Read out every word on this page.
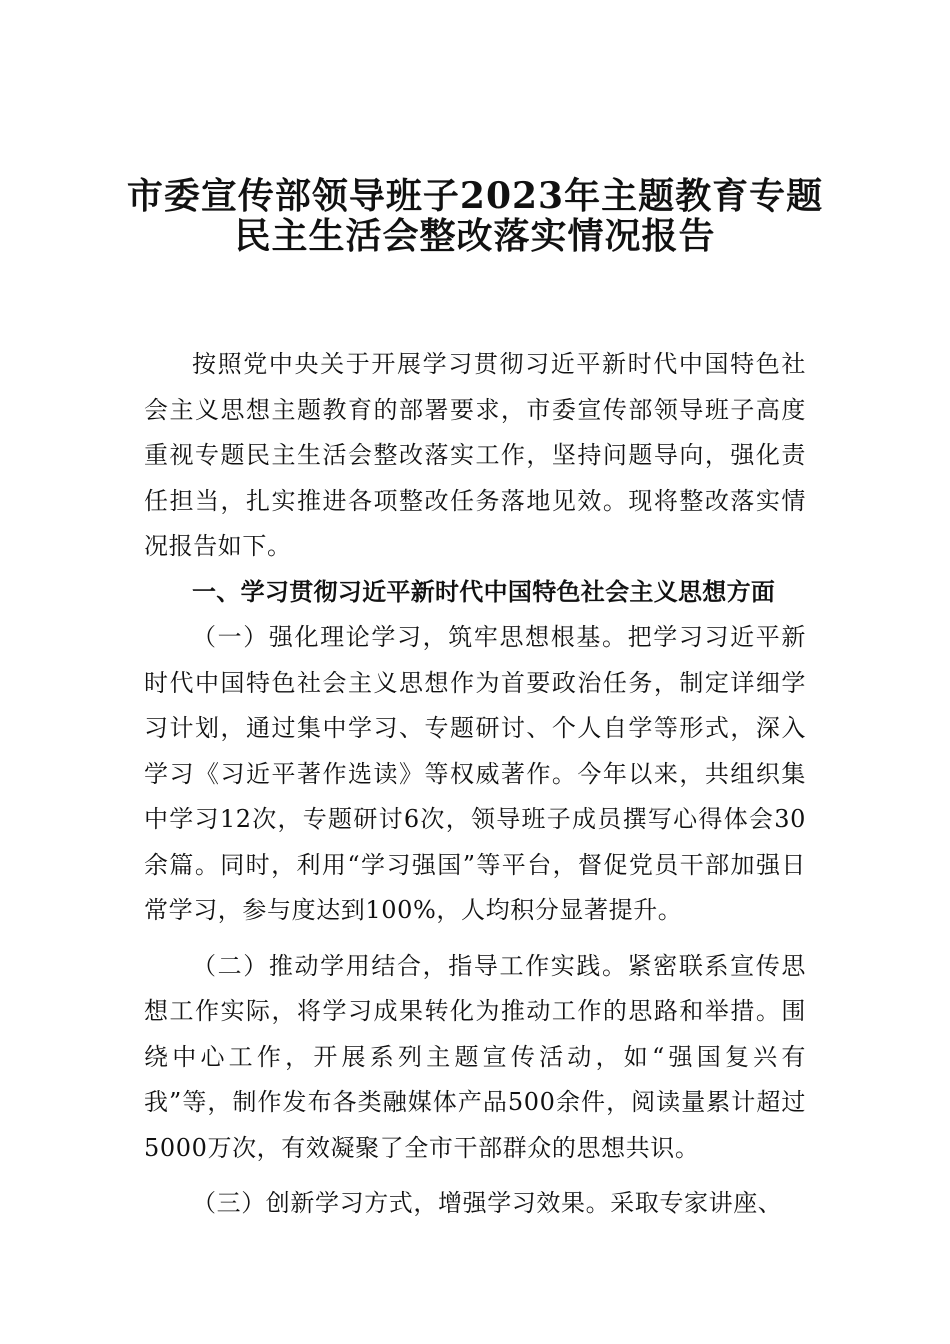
市委宣传部领导班子2023年主题教育专题
民主生活会整改落实情况报告

按照党中央关于开展学习贯彻习近平新时代中国特色社会主义思想主题教育的部署要求，市委宣传部领导班子高度重视专题民主生活会整改落实工作，坚持问题导向，强化责任担当，扎实推进各项整改任务落地见效。现将整改落实情况报告如下。

一、学习贯彻习近平新时代中国特色社会主义思想方面

（一）强化理论学习，筑牢思想根基。把学习习近平新时代中国特色社会主义思想作为首要政治任务，制定详细学习计划，通过集中学习、专题研讨、个人自学等形式，深入学习《习近平著作选读》等权威著作。今年以来，共组织集中学习12次，专题研讨6次，领导班子成员撰写心得体会30余篇。同时，利用“学习强国”等平台，督促党员干部加强日常学习，参与度达到100%，人均积分显著提升。

（二）推动学用结合，指导工作实践。紧密联系宣传思想工作实际，将学习成果转化为推动工作的思路和举措。围绕中心工作，开展系列主题宣传活动，如“强国复兴有我”等，制作发布各类融媒体产品500余件，阅读量累计超过5000万次，有效凝聚了全市干部群众的思想共识。

（三）创新学习方式，增强学习效果。采取专家讲座、
